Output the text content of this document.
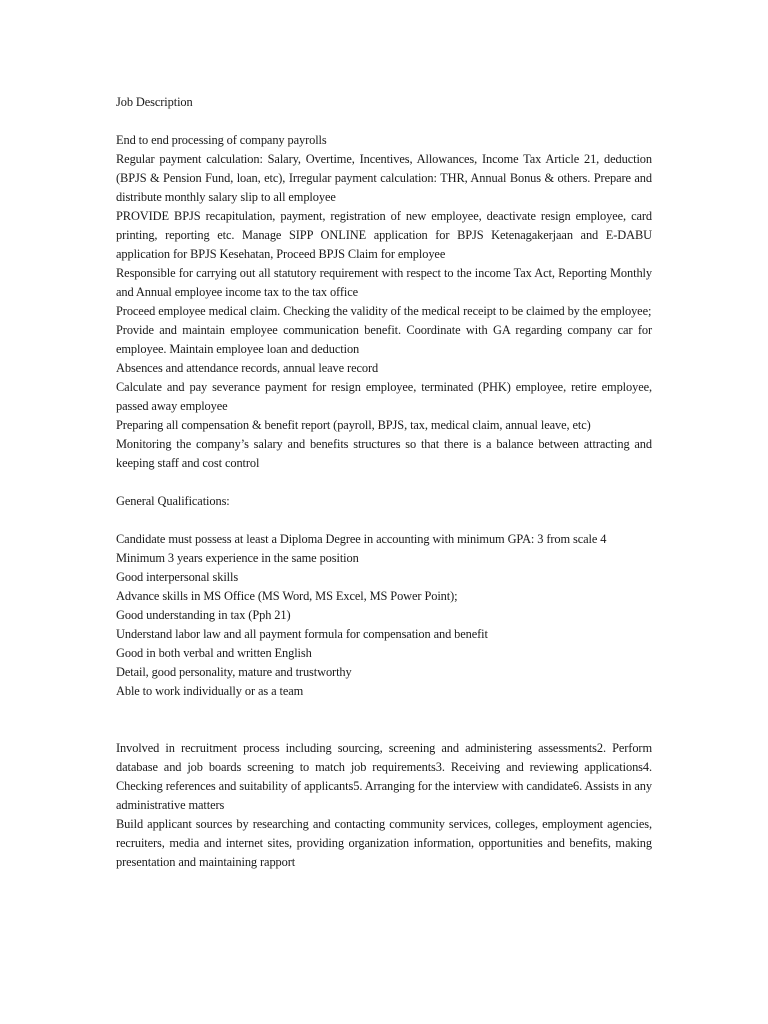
Job Description

End to end processing of company payrolls

Regular payment calculation: Salary, Overtime, Incentives, Allowances, Income Tax Article 21, deduction (BPJS & Pension Fund, loan, etc), Irregular payment calculation: THR, Annual Bonus & others. Prepare and distribute monthly salary slip to all employee

PROVIDE BPJS recapitulation, payment, registration of new employee, deactivate resign employee, card printing, reporting etc. Manage SIPP ONLINE application for BPJS Ketenagakerjaan and E-DABU application for BPJS Kesehatan, Proceed BPJS Claim for employee

Responsible for carrying out all statutory requirement with respect to the income Tax Act, Reporting Monthly and Annual employee income tax to the tax office

Proceed employee medical claim. Checking the validity of the medical receipt to be claimed by the employee;

Provide and maintain employee communication benefit. Coordinate with GA regarding company car for employee. Maintain employee loan and deduction

Absences and attendance records, annual leave record

Calculate and pay severance payment for resign employee, terminated (PHK) employee, retire employee, passed away employee

Preparing all compensation & benefit report (payroll, BPJS, tax, medical claim, annual leave, etc)

Monitoring the company’s salary and benefits structures so that there is a balance between attracting and keeping staff and cost control

General Qualifications:

Candidate must possess at least a Diploma Degree in accounting with minimum GPA: 3 from scale 4

Minimum 3 years experience in the same position

Good interpersonal skills

Advance skills in MS Office (MS Word, MS Excel, MS Power Point);

Good understanding in tax (Pph 21)

Understand labor law and all payment formula for compensation and benefit

Good in both verbal and written English

Detail, good personality, mature and trustworthy

Able to work individually or as a team

Involved in recruitment process including sourcing, screening and administering assessments2. Perform database and job boards screening to match job requirements3. Receiving and reviewing applications4. Checking references and suitability of applicants5. Arranging for the interview with candidate6. Assists in any administrative matters

Build applicant sources by researching and contacting community services, colleges, employment agencies, recruiters, media and internet sites, providing organization information, opportunities and benefits, making presentation and maintaining rapport
